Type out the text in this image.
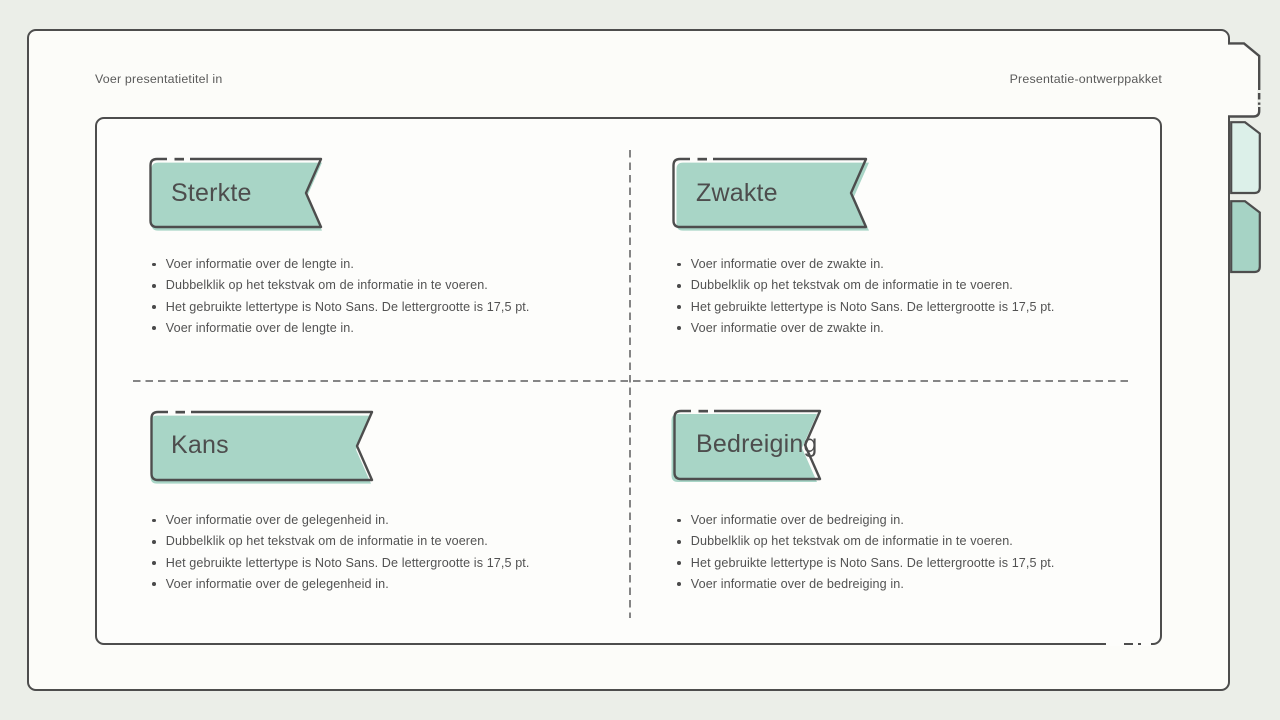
Voer presentatietitel in	Presentatie-ontwerppakket
Sterkte
Voer informatie over de lengte in.
Dubbelklik op het tekstvak om de informatie in te voeren.
Het gebruikte lettertype is Noto Sans. De lettergrootte is 17,5 pt.
Voer informatie over de lengte in.
Zwakte
Voer informatie over de zwakte in.
Dubbelklik op het tekstvak om de informatie in te voeren.
Het gebruikte lettertype is Noto Sans. De lettergrootte is 17,5 pt.
Voer informatie over de zwakte in.
Kans
Voer informatie over de gelegenheid in.
Dubbelklik op het tekstvak om de informatie in te voeren.
Het gebruikte lettertype is Noto Sans. De lettergrootte is 17,5 pt.
Voer informatie over de gelegenheid in.
Bedreiging
Voer informatie over de bedreiging in.
Dubbelklik op het tekstvak om de informatie in te voeren.
Het gebruikte lettertype is Noto Sans. De lettergrootte is 17,5 pt.
Voer informatie over de bedreiging in.
